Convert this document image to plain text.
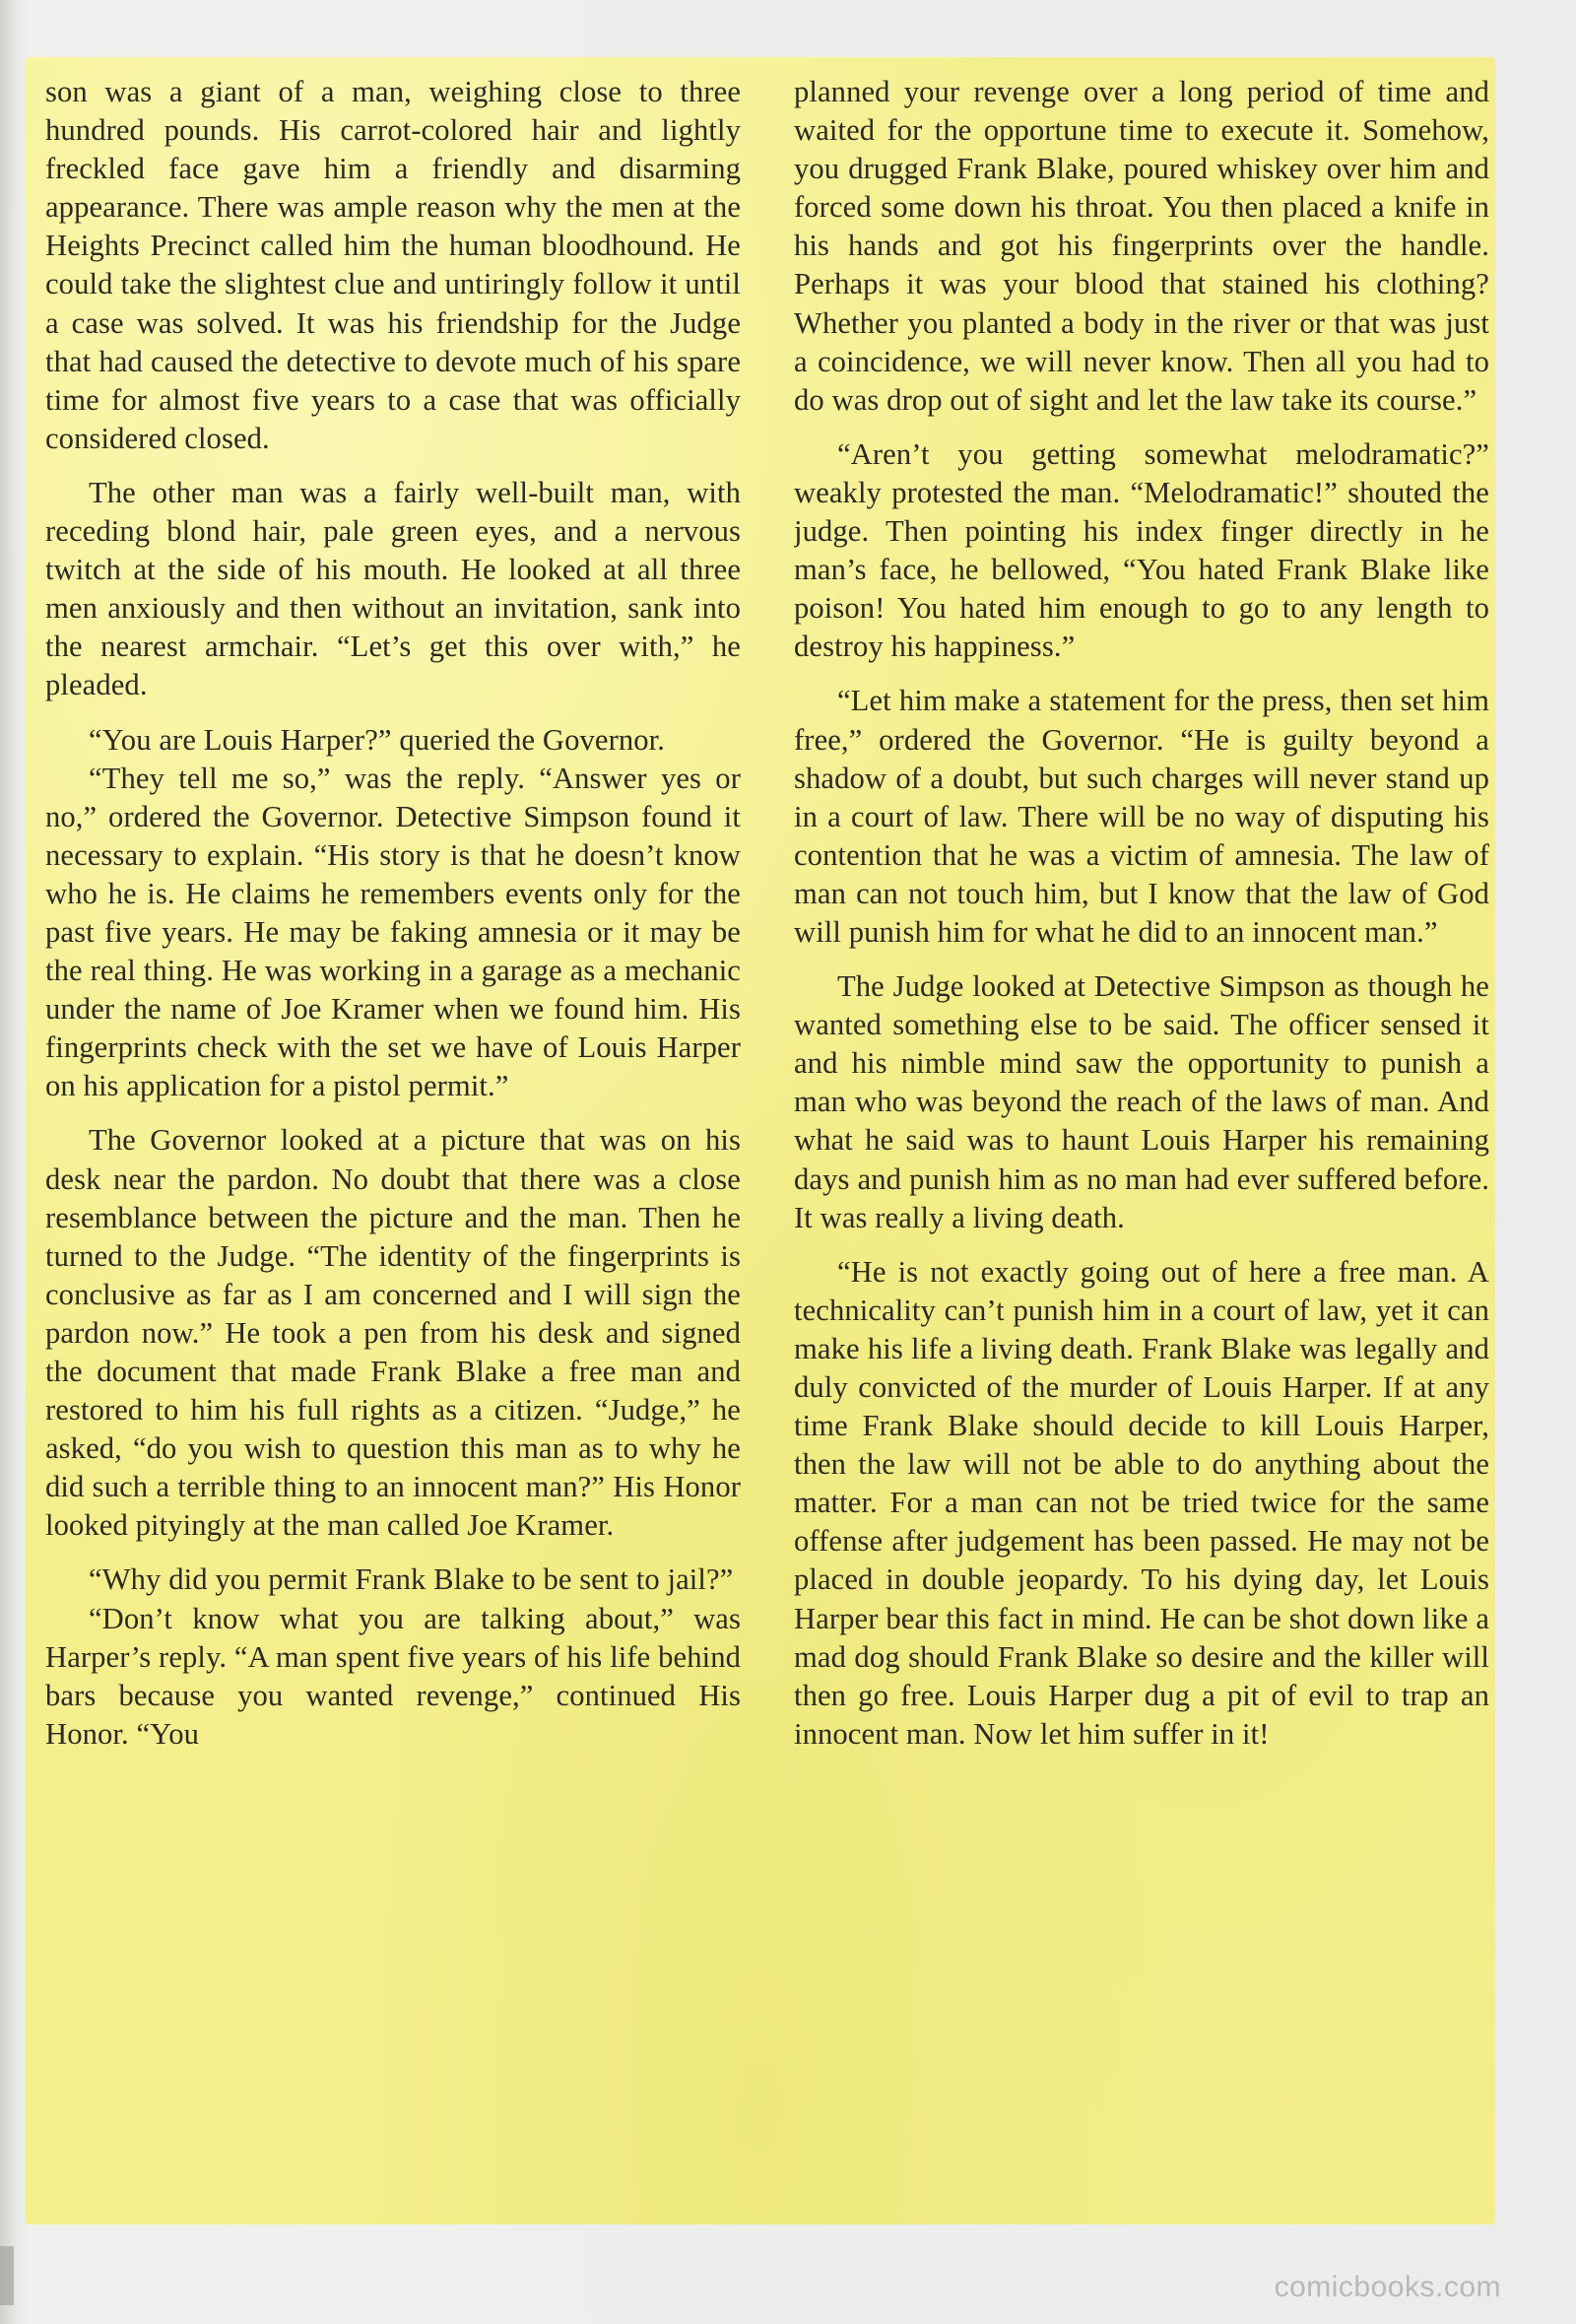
son was a giant of a man, weighing close to three hundred pounds. His carrot-colored hair and lightly freckled face gave him a friendly and disarming appearance. There was ample reason why the men at the Heights Precinct called him the human bloodhound. He could take the slightest clue and untiringly follow it until a case was solved. It was his friendship for the Judge that had caused the detective to devote much of his spare time for almost five years to a case that was officially considered closed.

The other man was a fairly well-built man, with receding blond hair, pale green eyes, and a nervous twitch at the side of his mouth. He looked at all three men anxiously and then without an invitation, sank into the nearest armchair. “Let’s get this over with,” he pleaded.

“You are Louis Harper?” queried the Governor.

“They tell me so,” was the reply. “Answer yes or no,” ordered the Governor. Detective Simpson found it necessary to explain. “His story is that he doesn’t know who he is. He claims he remembers events only for the past five years. He may be faking amnesia or it may be the real thing. He was working in a garage as a mechanic under the name of Joe Kramer when we found him. His fingerprints check with the set we have of Louis Harper on his application for a pistol permit.”

The Governor looked at a picture that was on his desk near the pardon. No doubt that there was a close resemblance between the picture and the man. Then he turned to the Judge. “The identity of the fingerprints is conclusive as far as I am concerned and I will sign the pardon now.” He took a pen from his desk and signed the document that made Frank Blake a free man and restored to him his full rights as a citizen. “Judge,” he asked, “do you wish to question this man as to why he did such a terrible thing to an innocent man?” His Honor looked pityingly at the man called Joe Kramer.

“Why did you permit Frank Blake to be sent to jail?”

“Don’t know what you are talking about,” was Harper’s reply. “A man spent five years of his life behind bars because you wanted revenge,” continued His Honor. “You

planned your revenge over a long period of time and waited for the opportune time to execute it. Somehow, you drugged Frank Blake, poured whiskey over him and forced some down his throat. You then placed a knife in his hands and got his fingerprints over the handle. Perhaps it was your blood that stained his clothing? Whether you planted a body in the river or that was just a coincidence, we will never know. Then all you had to do was drop out of sight and let the law take its course.”

“Aren’t you getting somewhat melodramatic?” weakly protested the man. “Melodramatic!” shouted the judge. Then pointing his index finger directly in he man’s face, he bellowed, “You hated Frank Blake like poison! You hated him enough to go to any length to destroy his happiness.”

“Let him make a statement for the press, then set him free,” ordered the Governor. “He is guilty beyond a shadow of a doubt, but such charges will never stand up in a court of law. There will be no way of disputing his contention that he was a victim of amnesia. The law of man can not touch him, but I know that the law of God will punish him for what he did to an innocent man.”

The Judge looked at Detective Simpson as though he wanted something else to be said. The officer sensed it and his nimble mind saw the opportunity to punish a man who was beyond the reach of the laws of man. And what he said was to haunt Louis Harper his remaining days and punish him as no man had ever suffered before. It was really a living death.

“He is not exactly going out of here a free man. A technicality can’t punish him in a court of law, yet it can make his life a living death. Frank Blake was legally and duly convicted of the murder of Louis Harper. If at any time Frank Blake should decide to kill Louis Harper, then the law will not be able to do anything about the matter. For a man can not be tried twice for the same offense after judgement has been passed. He may not be placed in double jeopardy. To his dying day, let Louis Harper bear this fact in mind. He can be shot down like a mad dog should Frank Blake so desire and the killer will then go free. Louis Harper dug a pit of evil to trap an innocent man. Now let him suffer in it!

comicbooks.com
